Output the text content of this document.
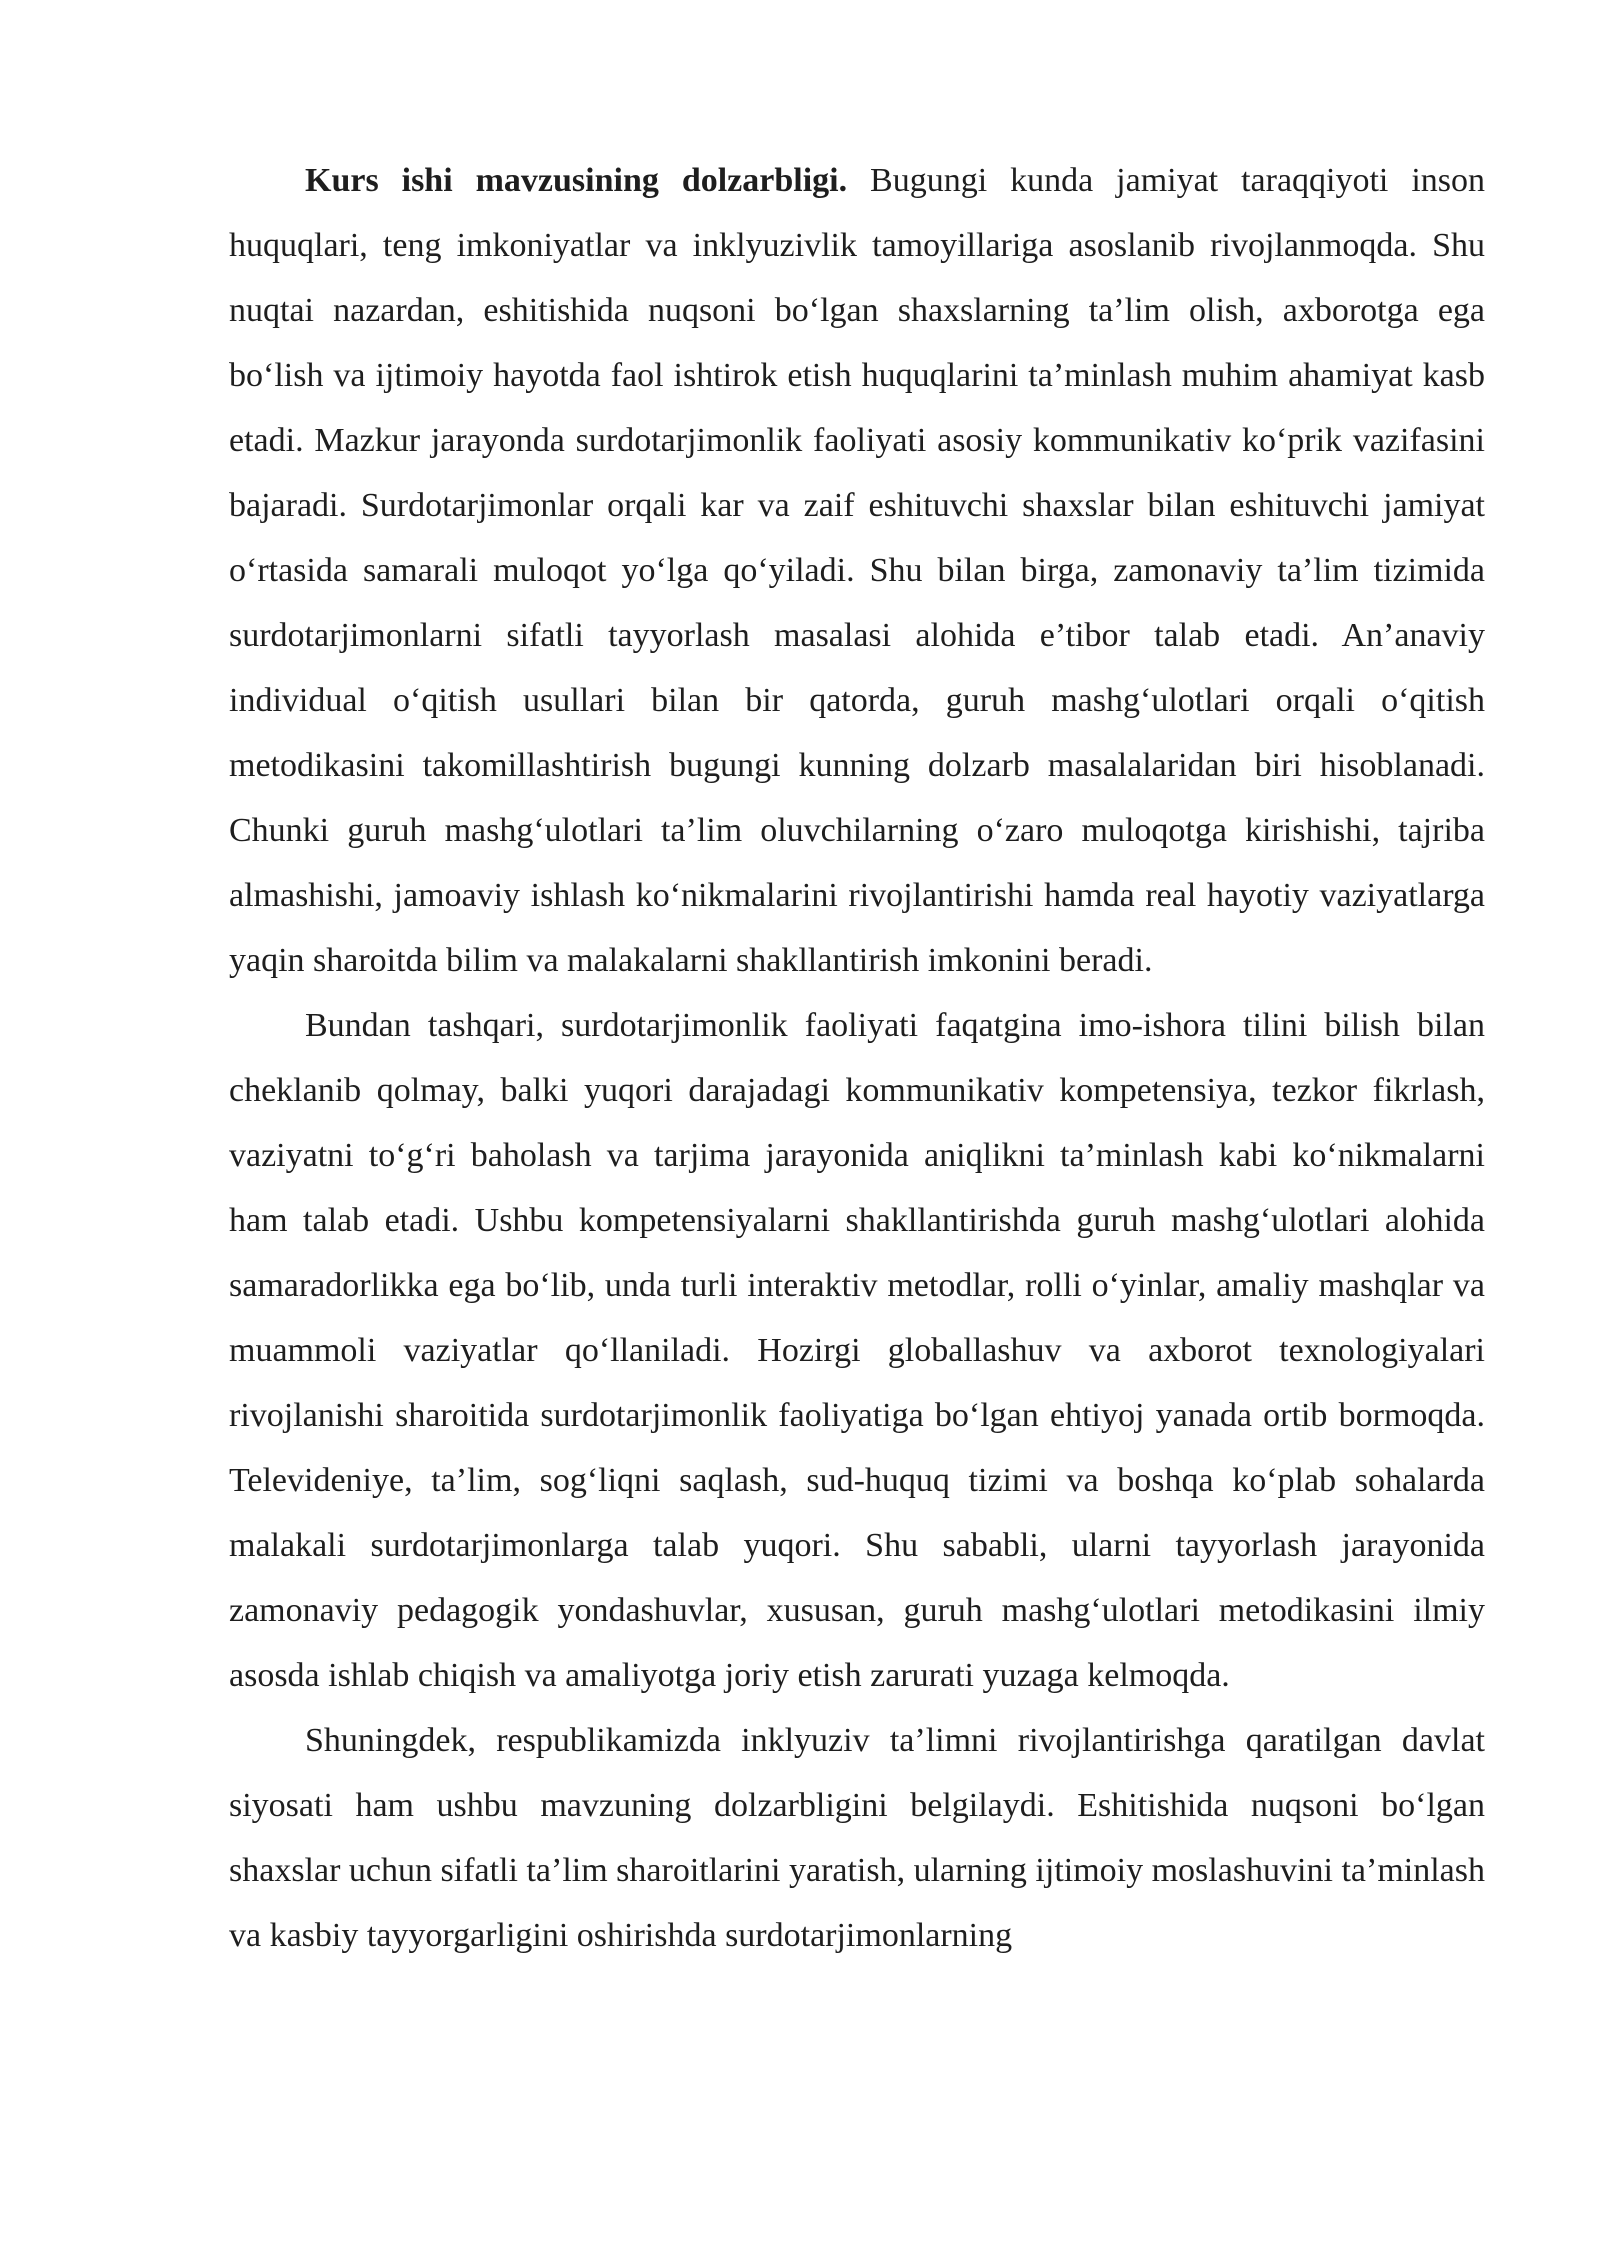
Kurs ishi mavzusining dolzarbligi. Bugungi kunda jamiyat taraqqiyoti inson huquqlari, teng imkoniyatlar va inklyuzivlik tamoyillariga asoslanib rivojlanmoqda. Shu nuqtai nazardan, eshitishida nuqsoni bo‘lgan shaxslarning ta’lim olish, axborotga ega bo‘lish va ijtimoiy hayotda faol ishtirok etish huquqlarini ta’minlash muhim ahamiyat kasb etadi. Mazkur jarayonda surdotarjimonlik faoliyati asosiy kommunikativ ko‘prik vazifasini bajaradi. Surdotarjimonlar orqali kar va zaif eshituvchi shaxslar bilan eshituvchi jamiyat o‘rtasida samarali muloqot yo‘lga qo‘yiladi. Shu bilan birga, zamonaviy ta’lim tizimida surdotarjimonlarni sifatli tayyorlash masalasi alohida e’tibor talab etadi. An’anaviy individual o‘qitish usullari bilan bir qatorda, guruh mashg‘ulotlari orqali o‘qitish metodikasini takomillashtirish bugungi kunning dolzarb masalalaridan biri hisoblanadi. Chunki guruh mashg‘ulotlari ta’lim oluvchilarning o‘zaro muloqotga kirishishi, tajriba almashishi, jamoaviy ishlash ko‘nikmalarini rivojlantirishi hamda real hayotiy vaziyatlarga yaqin sharoitda bilim va malakalarni shakllantirish imkonini beradi.

Bundan tashqari, surdotarjimonlik faoliyati faqatgina imo-ishora tilini bilish bilan cheklanib qolmay, balki yuqori darajadagi kommunikativ kompetensiya, tezkor fikrlash, vaziyatni to‘g‘ri baholash va tarjima jarayonida aniqlikni ta’minlash kabi ko‘nikmalarni ham talab etadi. Ushbu kompetensiyalarni shakllantirishda guruh mashg‘ulotlari alohida samaradorlikka ega bo‘lib, unda turli interaktiv metodlar, rolli o‘yinlar, amaliy mashqlar va muammoli vaziyatlar qo‘llaniladi. Hozirgi globallashuv va axborot texnologiyalari rivojlanishi sharoitida surdotarjimonlik faoliyatiga bo‘lgan ehtiyoj yanada ortib bormoqda. Televideniye, ta’lim, sog‘liqni saqlash, sud-huquq tizimi va boshqa ko‘plab sohalarda malakali surdotarjimonlarga talab yuqori. Shu sababli, ularni tayyorlash jarayonida zamonaviy pedagogik yondashuvlar, xususan, guruh mashg‘ulotlari metodikasini ilmiy asosda ishlab chiqish va amaliyotga joriy etish zarurati yuzaga kelmoqda.

Shuningdek, respublikamizda inklyuziv ta’limni rivojlantirishga qaratilgan davlat siyosati ham ushbu mavzuning dolzarbligini belgilaydi. Eshitishida nuqsoni bo‘lgan shaxslar uchun sifatli ta’lim sharoitlarini yaratish, ularning ijtimoiy moslashuvini ta’minlash va kasbiy tayyorgarligini oshirishda surdotarjimonlarning
